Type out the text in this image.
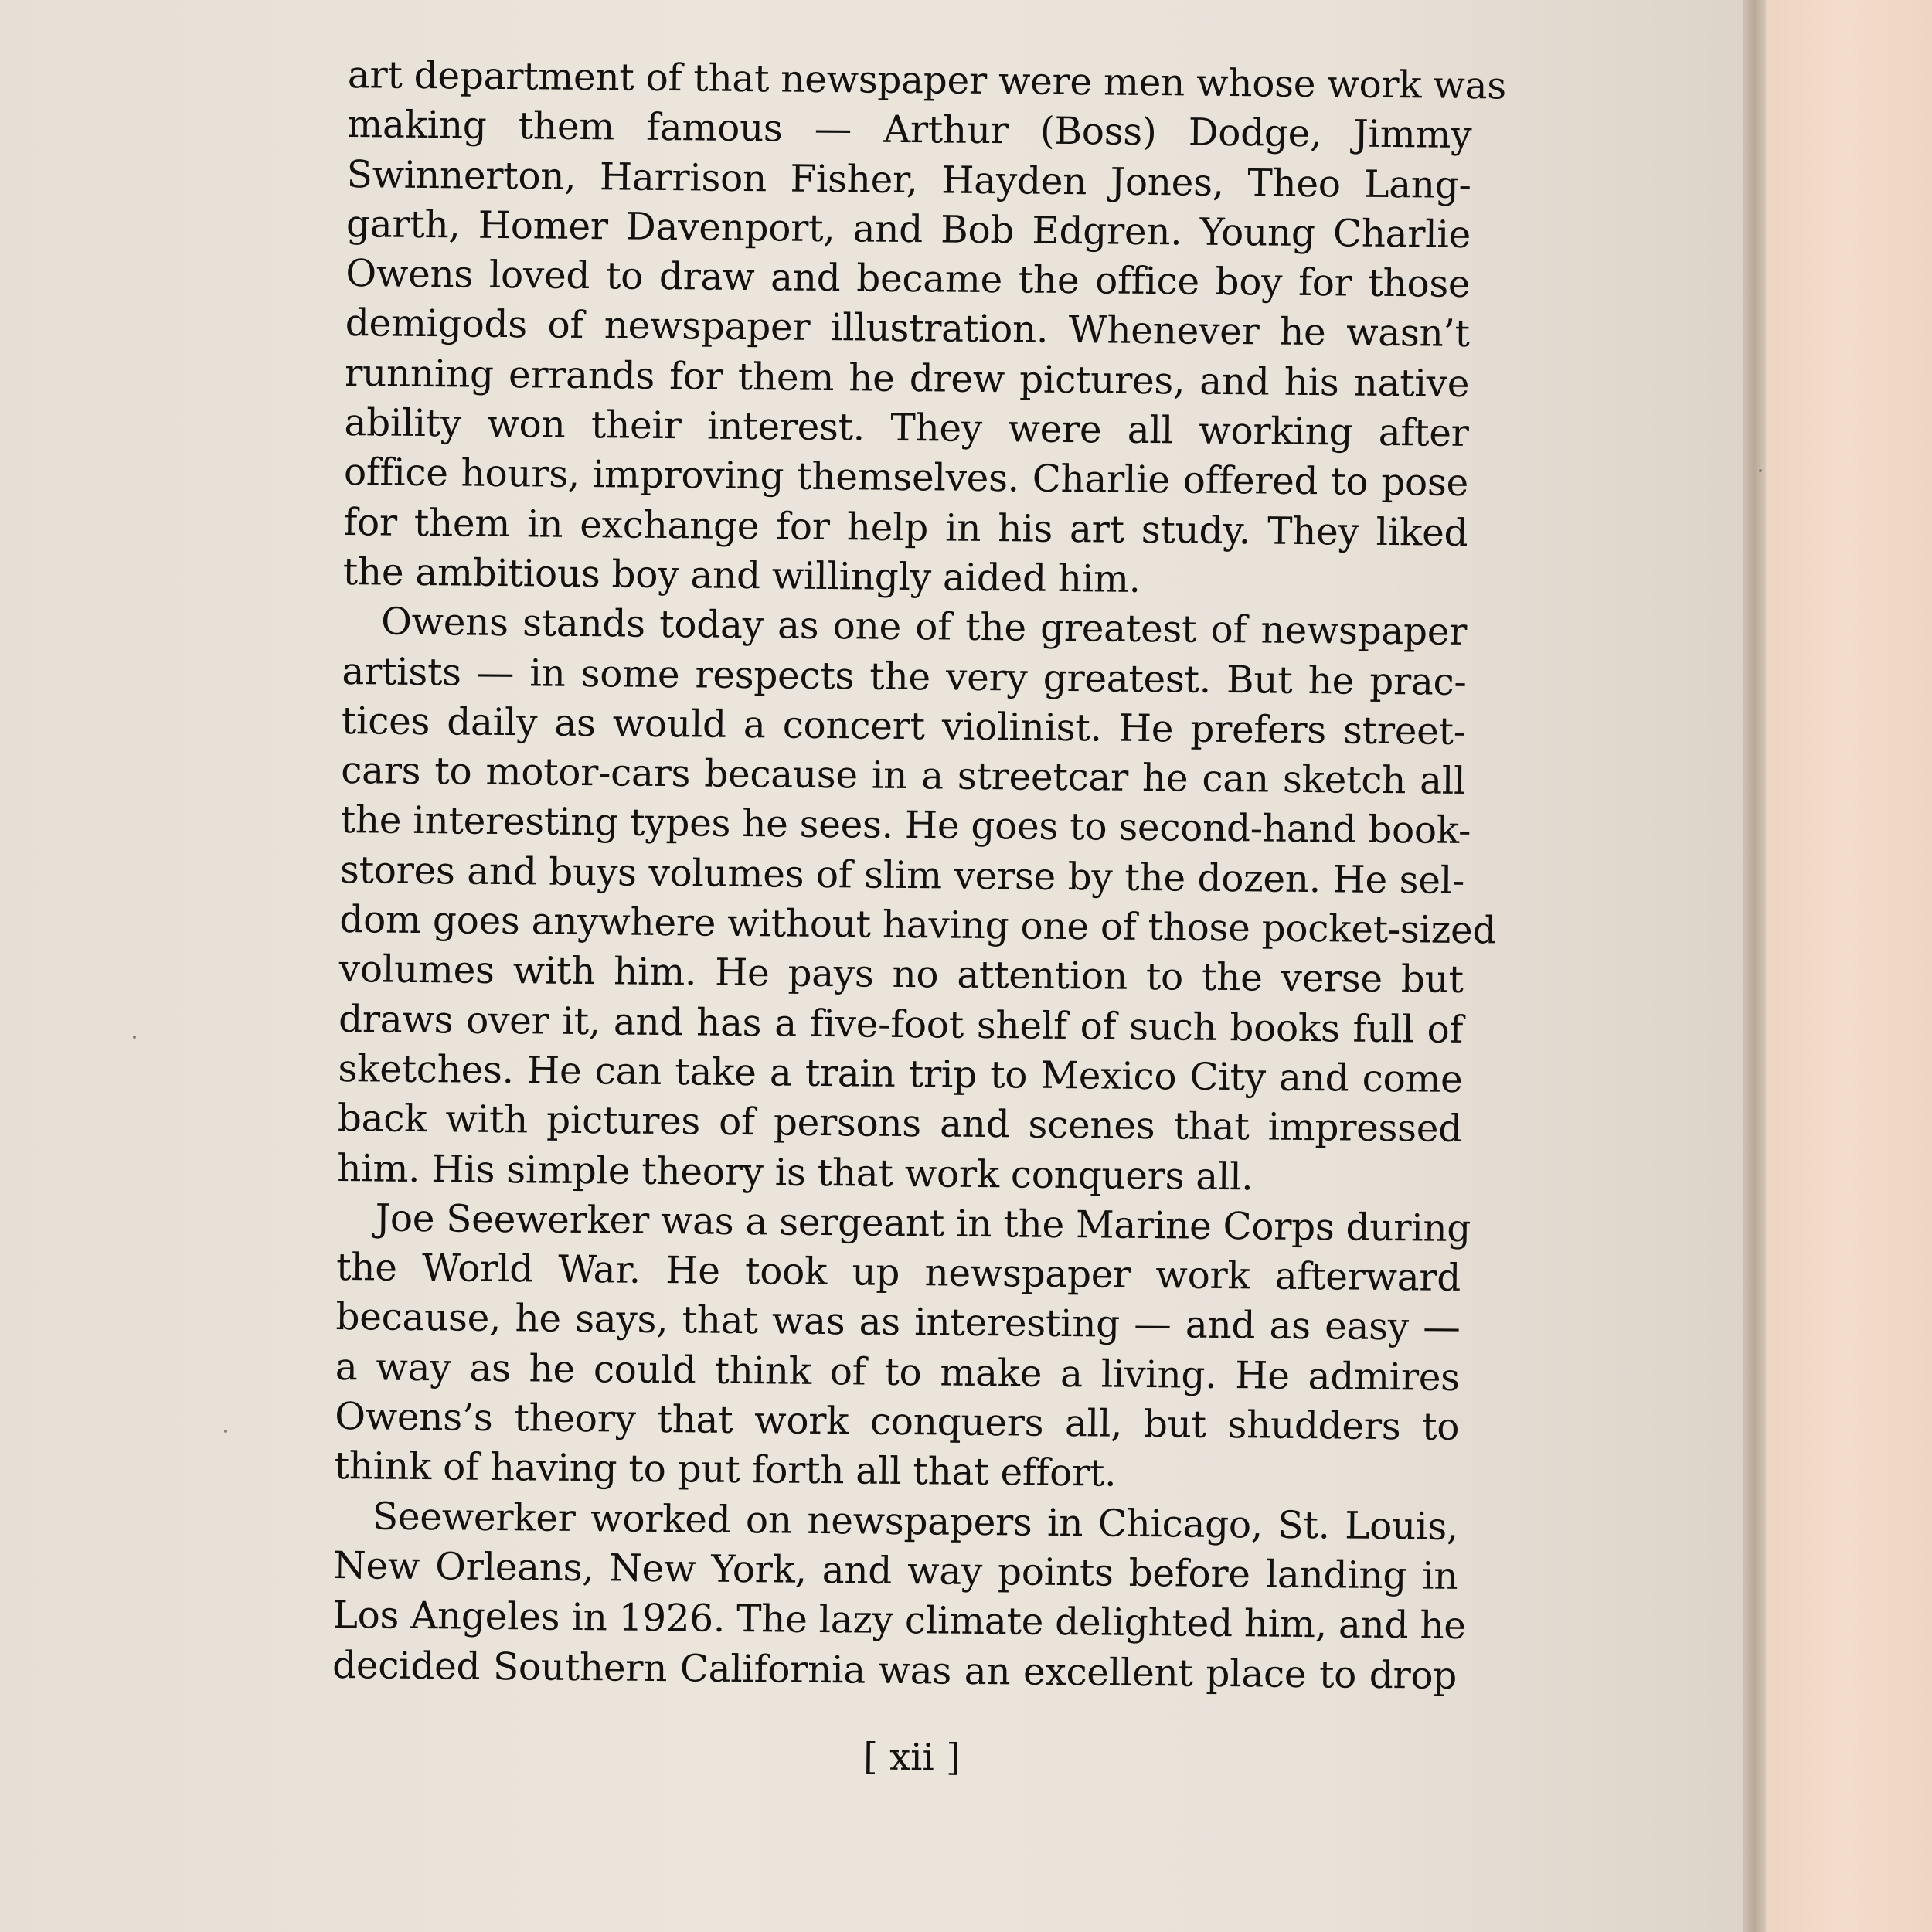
art department of that newspaper were men whose work was
making them famous — Arthur (Boss) Dodge, Jimmy
Swinnerton, Harrison Fisher, Hayden Jones, Theo Lang-
garth, Homer Davenport, and Bob Edgren. Young Charlie
Owens loved to draw and became the office boy for those
demigods of newspaper illustration. Whenever he wasn’t
running errands for them he drew pictures, and his native
ability won their interest. They were all working after
office hours, improving themselves. Charlie offered to pose
for them in exchange for help in his art study. They liked
the ambitious boy and willingly aided him.
Owens stands today as one of the greatest of newspaper
artists — in some respects the very greatest. But he prac-
tices daily as would a concert violinist. He prefers street-
cars to motor-cars because in a streetcar he can sketch all
the interesting types he sees. He goes to second-hand book-
stores and buys volumes of slim verse by the dozen. He sel-
dom goes anywhere without having one of those pocket-sized
volumes with him. He pays no attention to the verse but
draws over it, and has a five-foot shelf of such books full of
sketches. He can take a train trip to Mexico City and come
back with pictures of persons and scenes that impressed
him. His simple theory is that work conquers all.
Joe Seewerker was a sergeant in the Marine Corps during
the World War. He took up newspaper work afterward
because, he says, that was as interesting — and as easy —
a way as he could think of to make a living. He admires
Owens’s theory that work conquers all, but shudders to
think of having to put forth all that effort.
Seewerker worked on newspapers in Chicago, St. Louis,
New Orleans, New York, and way points before landing in
Los Angeles in 1926. The lazy climate delighted him, and he
decided Southern California was an excellent place to drop
[ xii ]
